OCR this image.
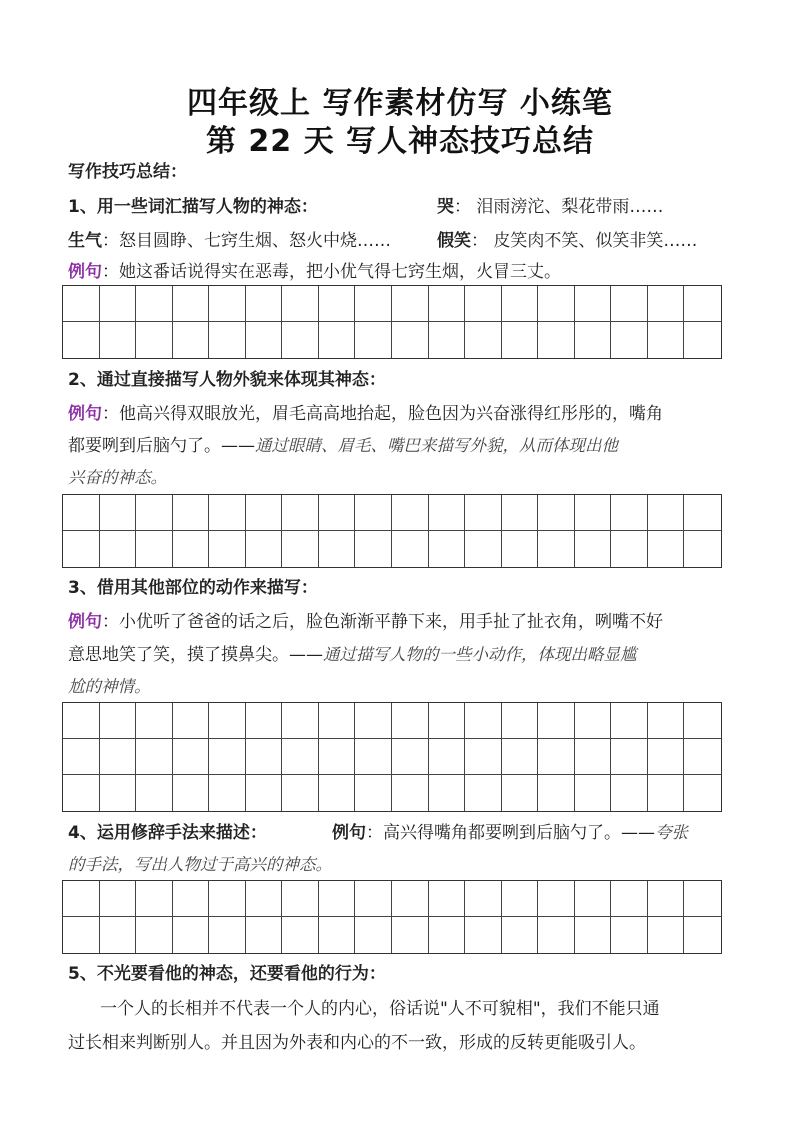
四年级上 写作素材仿写 小练笔
第 22 天 写人神态技巧总结
写作技巧总结：
1、用一些词汇描写人物的神态：	哭： 泪雨滂沱、梨花带雨……
生气：怒目圆睁、七窍生烟、怒火中烧……	假笑： 皮笑肉不笑、似笑非笑……
例句：她这番话说得实在恶毒，把小优气得七窍生烟，火冒三丈。
2、通过直接描写人物外貌来体现其神态：
例句：他高兴得双眼放光，眉毛高高地抬起，脸色因为兴奋涨得红彤彤的，嘴角
都要咧到后脑勺了。——通过眼睛、眉毛、嘴巴来描写外貌，从而体现出他
兴奋的神态。
3、借用其他部位的动作来描写：
例句：小优听了爸爸的话之后，脸色渐渐平静下来，用手扯了扯衣角，咧嘴不好
意思地笑了笑，摸了摸鼻尖。——通过描写人物的一些小动作，体现出略显尴
尬的神情。
4、运用修辞手法来描述：	例句：高兴得嘴角都要咧到后脑勺了。——夸张
的手法，写出人物过于高兴的神态。
5、不光要看他的神态，还要看他的行为：
一个人的长相并不代表一个人的内心，俗话说"人不可貌相"，我们不能只通
过长相来判断别人。并且因为外表和内心的不一致，形成的反转更能吸引人。
